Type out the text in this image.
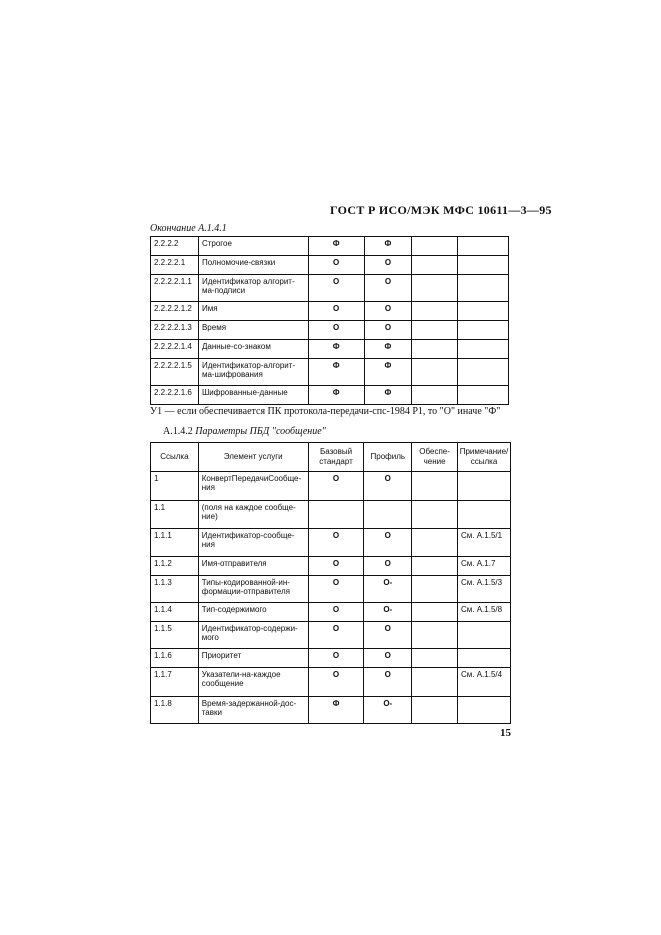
ГОСТ Р ИСО/МЭК МФС 10611—3—95
Окончание А.1.4.1
2.2.2.2	Строгое	Ф	Ф		
2.2.2.2.1	Полномочие-связки	О	О		
2.2.2.2.1.1	Идентификатор алгорит-ма-подписи	О	О		
2.2.2.2.1.2	Имя	О	О		
2.2.2.2.1.3	Время	О	О		
2.2.2.2.1.4	Данные-со-знаком	Ф	Ф		
2.2.2.2.1.5	Идентификатор-алгорит-ма-шифрования	Ф	Ф		
2.2.2.2.1.6	Шифрованные-данные	Ф	Ф		
У1 — если обеспечивается ПК протокола-передачи-спс-1984 Р1, то "О" иначе "Ф"
А.1.4.2 Параметры ПБД "сообщение"
Ссылка	Элемент услуги	Базовый стандарт	Профиль	Обеспе-чение	Примечание/ ссылка
1	КонвертПередачиСообще-ния	О	О		
1.1	(поля на каждое сообще-ние)				
1.1.1	Идентификатор-сообще-ния	О	О		См. А.1.5/1
1.1.2	Имя-отправителя	О	О		См. А.1.7
1.1.3	Типы-кодированной-ин-формации-отправителя	О	О-		См. А.1.5/3
1.1.4	Тип-содержимого	О	О-		См. А.1.5/8
1.1.5	Идентификатор-содержи-мого	О	О		
1.1.6	Приоритет	О	О		
1.1.7	Указатели-на-каждое сообщение	О	О		См. А.1.5/4
1.1.8	Время-задержанной-дос-тавки	Ф	О-		
15
